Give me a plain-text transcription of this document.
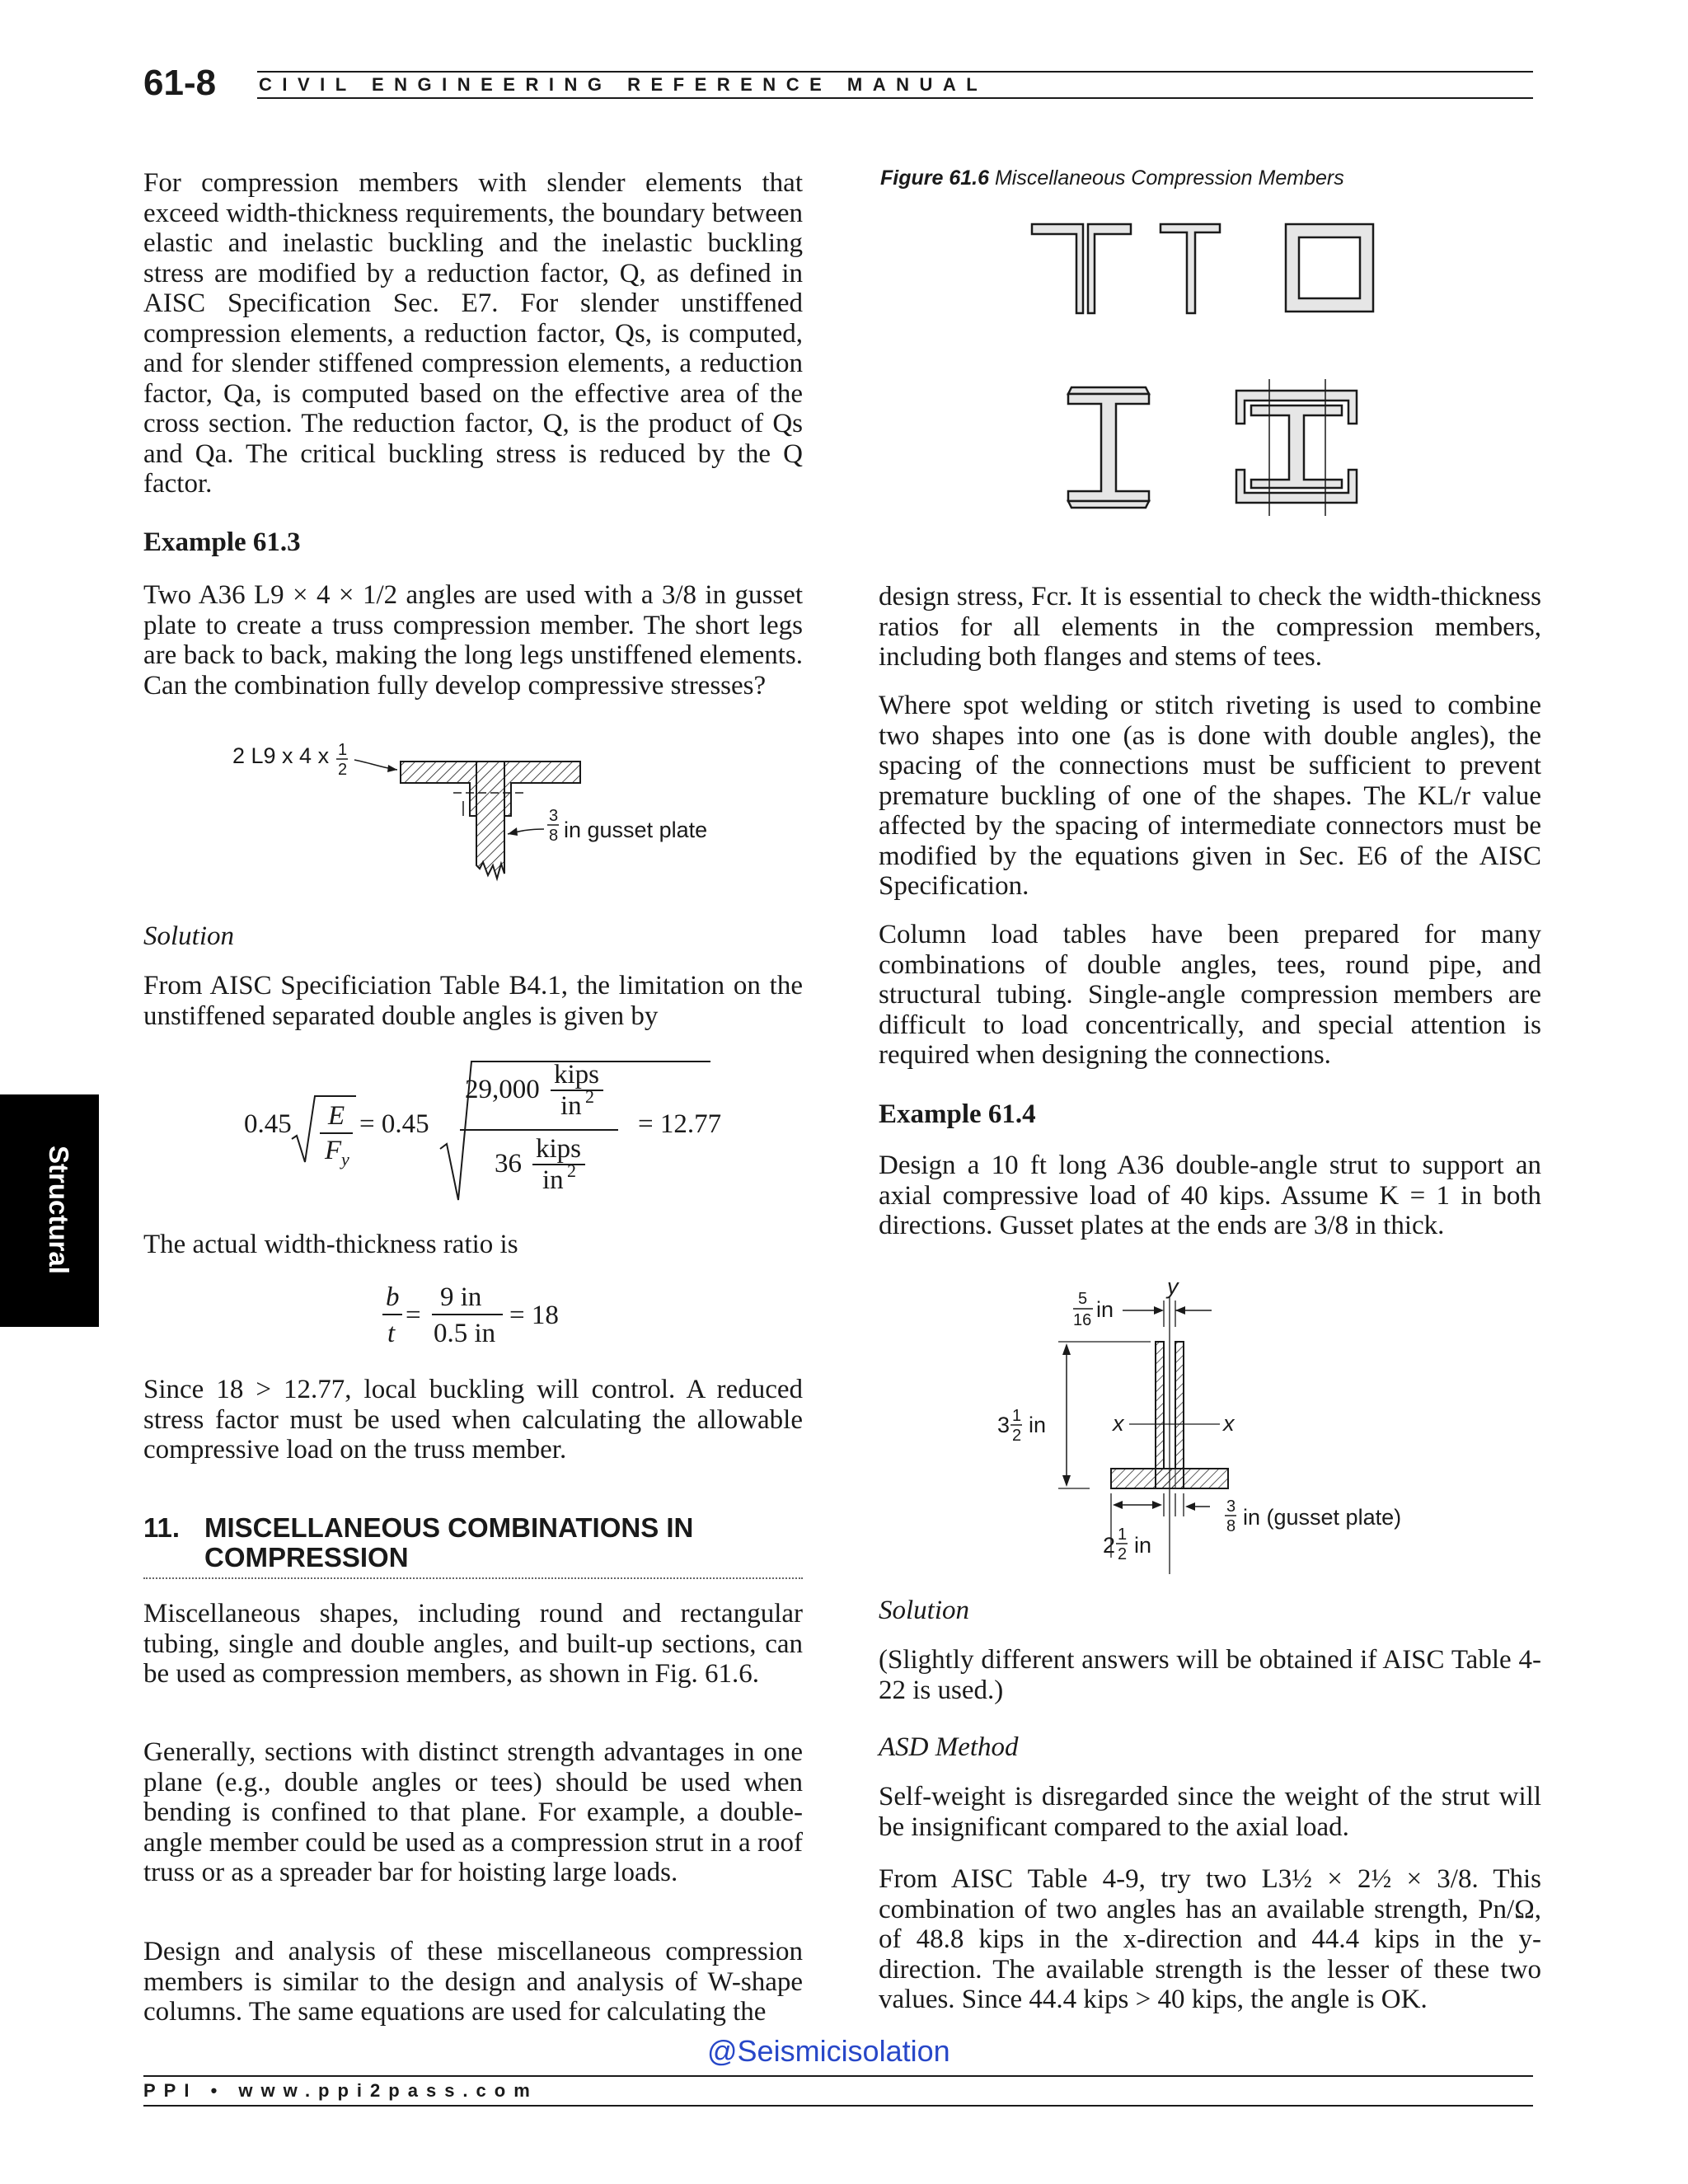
61-8 CIVIL ENGINEERING REFERENCE MANUAL
Structural

For compression members with slender elements that exceed width-thickness requirements, the boundary between elastic and inelastic buckling and the inelastic buckling stress are modified by a reduction factor, Q, as defined in AISC Specification Sec. E7. For slender unstiffened compression elements, a reduction factor, Qs, is computed, and for slender stiffened compression elements, a reduction factor, Qa, is computed based on the effective area of the cross section. The reduction factor, Q, is the product of Qs and Qa. The critical buckling stress is reduced by the Q factor.

Example 61.3

Two A36 L9 × 4 × 1/2 angles are used with a 3/8 in gusset plate to create a truss compression member. The short legs are back to back, making the long legs unstiffened elements. Can the combination fully develop compressive stresses?

2 L9 x 4 x 1
2
3
8 in gusset plate
Solution

From AISC Specificiation Table B4.1, the limitation on the unstiffened separated double angles is given by

0.45 E
F y
= 0.45
29,000 kips
in 2
36 kips
in 2
= 12.77
The actual width-thickness ratio is
b
t
=
9 in
0.5 in
= 18

Since 18 > 12.77, local buckling will control. A reduced stress factor must be used when calculating the allowable compressive load on the truss member.

11. MISCELLANEOUS COMBINATIONS IN
COMPRESSION

Miscellaneous shapes, including round and rectangular tubing, single and double angles, and built-up sections, can be used as compression members, as shown in Fig. 61.6.

Generally, sections with distinct strength advantages in one plane (e.g., double angles or tees) should be used when bending is confined to that plane. For example, a double-angle member could be used as a compression strut in a roof truss or as a spreader bar for hoisting large loads.

Design and analysis of these miscellaneous compression members is similar to the design and analysis of W-shape columns. The same equations are used for calculating the

Figure 61.6 Miscellaneous Compression Members

design stress, Fcr. It is essential to check the width-thickness ratios for all elements in the compression members, including both flanges and stems of tees.

Where spot welding or stitch riveting is used to combine two shapes into one (as is done with double angles), the spacing of the connections must be sufficient to prevent premature buckling of one of the shapes. The KL/r value affected by the spacing of intermediate connectors must be modified by the equations given in Sec. E6 of the AISC Specification.

Column load tables have been prepared for many combinations of double angles, tees, round pipe, and structural tubing. Single-angle compression members are difficult to load concentrically, and special attention is required when designing the connections.

Example 61.4

Design a 10 ft long A36 double-angle strut to support an axial compressive load of 40 kips. Assume K = 1 in both directions. Gusset plates at the ends are 3/8 in thick.

5
16 in
y
x	x
3 1
2 in
2 1
2 in
3
8 in (gusset plate)
Solution

(Slightly different answers will be obtained if AISC Table 4-22 is used.)

ASD Method

Self-weight is disregarded since the weight of the strut will be insignificant compared to the axial load.

From AISC Table 4-9, try two L3½ × 2½ × 3/8. This combination of two angles has an available strength, Pn/Ω, of 48.8 kips in the x-direction and 44.4 kips in the y-direction. The available strength is the lesser of these two values. Since 44.4 kips > 40 kips, the angle is OK.

@Seismicisolation
PPI • www.ppi2pass.com
